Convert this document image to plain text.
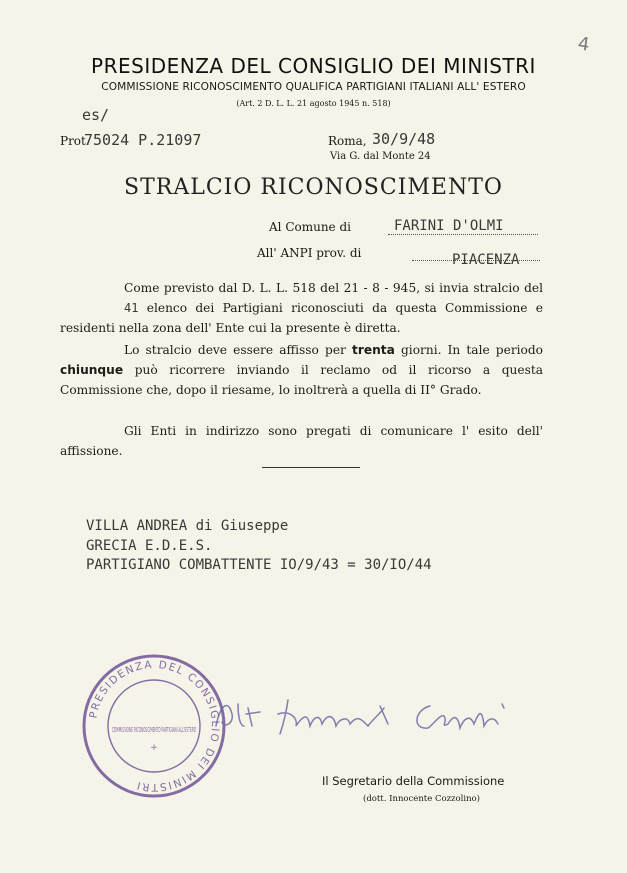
4
PRESIDENZA DEL CONSIGLIO DEI MINISTRI
COMMISSIONE RICONOSCIMENTO QUALIFICA PARTIGIANI ITALIANI ALL' ESTERO
(Art. 2 D. L. L. 21 agosto 1945 n. 518)
es/
Prot.
75024 P.21097	Roma, 30/9/48
Via G. dal Monte 24
STRALCIO RICONOSCIMENTO
Al Comune di	FARINI D'OLMI
All' ANPI prov. di	PIACENZA
Come previsto dal D. L. L. 518 del 21 - 8 - 945, si invia stralcio del 41 elenco dei Partigiani riconosciuti da questa Commissione e residenti nella zona dell' Ente cui la presente è diretta.
Lo stralcio deve essere affisso per trenta giorni. In tale periodo chiunque può ricorrere inviando il reclamo od il ricorso a questa Commissione che, dopo il riesame, lo inoltrerà a quella di II° Grado.
Gli Enti in indirizzo sono pregati di comunicare l' esito dell' affissione.
VILLA ANDREA di Giuseppe
GRECIA E.D.E.S.
PARTIGIANO COMBATTENTE IO/9/43 = 30/IO/44
PRESIDENZA DEL CONSIGLIO DEI MINISTRI
COMMISSIONE RICONOSCIMENTO PARTIGIANI ALL'ESTERO
+
Il Segretario della Commissione
(dott. Innocente Cozzolino)
